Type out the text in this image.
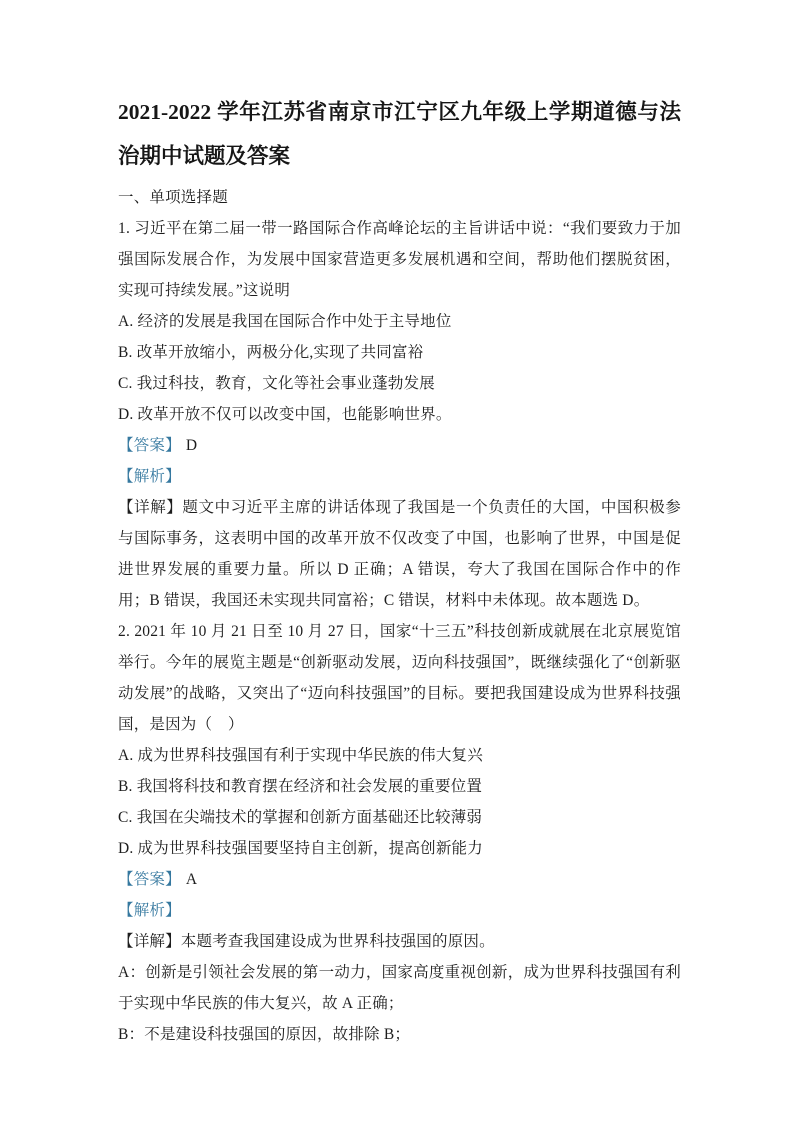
2021-2022 学年江苏省南京市江宁区九年级上学期道德与法治期中试题及答案

一、单项选择题

1. 习近平在第二届一带一路国际合作高峰论坛的主旨讲话中说：“我们要致力于加强国际发展合作，为发展中国家营造更多发展机遇和空间，帮助他们摆脱贫困，实现可持续发展。”这说明

A. 经济的发展是我国在国际合作中处于主导地位

B. 改革开放缩小，两极分化,实现了共同富裕

C. 我过科技，教育，文化等社会事业蓬勃发展

D. 改革开放不仅可以改变中国，也能影响世界。

【答案】 D

【解析】

【详解】题文中习近平主席的讲话体现了我国是一个负责任的大国，中国积极参与国际事务，这表明中国的改革开放不仅改变了中国，也影响了世界，中国是促进世界发展的重要力量。所以 D 正确；A 错误，夸大了我国在国际合作中的作用；B 错误，我国还未实现共同富裕；C 错误，材料中未体现。故本题选 D。

2. 2021 年 10 月 21 日至 10 月 27 日，国家“十三五”科技创新成就展在北京展览馆举行。今年的展览主题是“创新驱动发展，迈向科技强国”，既继续强化了“创新驱动发展”的战略，又突出了“迈向科技强国”的目标。要把我国建设成为世界科技强国，是因为（　）

A. 成为世界科技强国有利于实现中华民族的伟大复兴

B. 我国将科技和教育摆在经济和社会发展的重要位置

C. 我国在尖端技术的掌握和创新方面基础还比较薄弱

D. 成为世界科技强国要坚持自主创新，提高创新能力

【答案】 A

【解析】

【详解】本题考查我国建设成为世界科技强国的原因。

A：创新是引领社会发展的第一动力，国家高度重视创新，成为世界科技强国有利于实现中华民族的伟大复兴，故 A 正确；

B：不是建设科技强国的原因，故排除 B；
